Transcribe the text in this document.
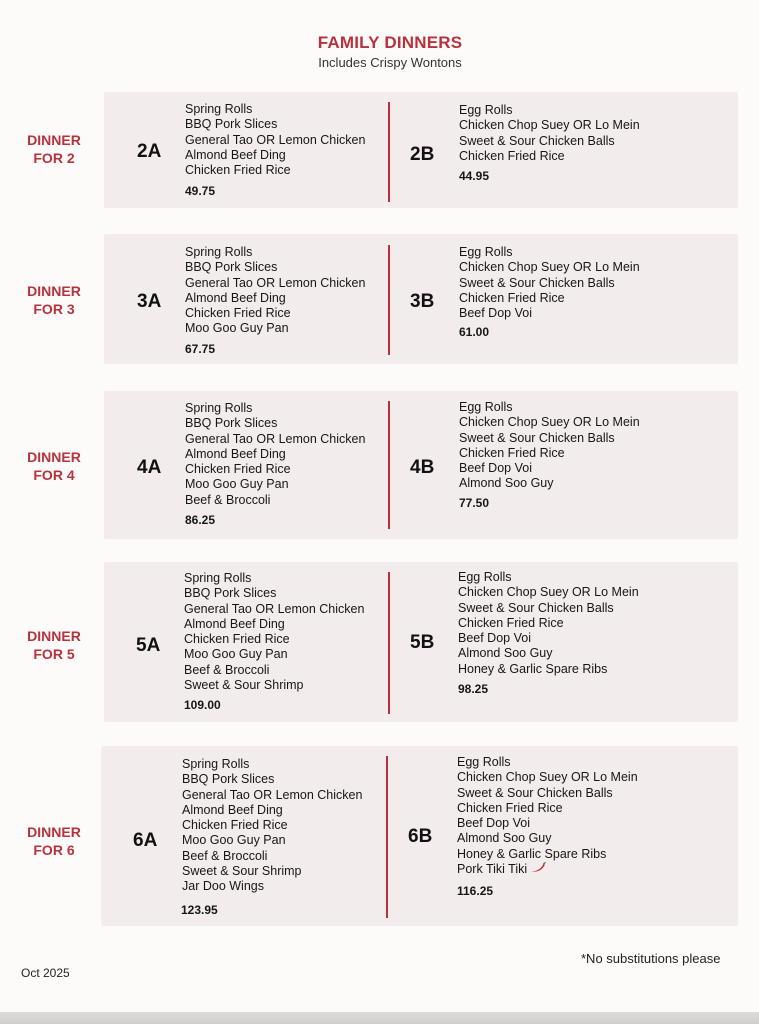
FAMILY DINNERS
Includes Crispy Wontons
DINNER
FOR 2	2A
Spring Rolls
BBQ Pork Slices
General Tao OR Lemon Chicken
Almond Beef Ding
Chicken Fried Rice
49.75
2B
Egg Rolls
Chicken Chop Suey OR Lo Mein
Sweet & Sour Chicken Balls
Chicken Fried Rice
44.95
DINNER
FOR 3	3A
Spring Rolls
BBQ Pork Slices
General Tao OR Lemon Chicken
Almond Beef Ding
Chicken Fried Rice
Moo Goo Guy Pan
67.75
3B
Egg Rolls
Chicken Chop Suey OR Lo Mein
Sweet & Sour Chicken Balls
Chicken Fried Rice
Beef Dop Voi
61.00
DINNER
FOR 4	4A
Spring Rolls
BBQ Pork Slices
General Tao OR Lemon Chicken
Almond Beef Ding
Chicken Fried Rice
Moo Goo Guy Pan
Beef & Broccoli
86.25
4B
Egg Rolls
Chicken Chop Suey OR Lo Mein
Sweet & Sour Chicken Balls
Chicken Fried Rice
Beef Dop Voi
Almond Soo Guy
77.50
DINNER
FOR 5	5A
Spring Rolls
BBQ Pork Slices
General Tao OR Lemon Chicken
Almond Beef Ding
Chicken Fried Rice
Moo Goo Guy Pan
Beef & Broccoli
Sweet & Sour Shrimp
109.00
5B
Egg Rolls
Chicken Chop Suey OR Lo Mein
Sweet & Sour Chicken Balls
Chicken Fried Rice
Beef Dop Voi
Almond Soo Guy
Honey & Garlic Spare Ribs
98.25
DINNER
FOR 6	6A
Spring Rolls
BBQ Pork Slices
General Tao OR Lemon Chicken
Almond Beef Ding
Chicken Fried Rice
Moo Goo Guy Pan
Beef & Broccoli
Sweet & Sour Shrimp
Jar Doo Wings
123.95
6B
Egg Rolls
Chicken Chop Suey OR Lo Mein
Sweet & Sour Chicken Balls
Chicken Fried Rice
Beef Dop Voi
Almond Soo Guy
Honey & Garlic Spare Ribs
Pork Tiki Tiki
116.25
Oct 2025
*No substitutions please
